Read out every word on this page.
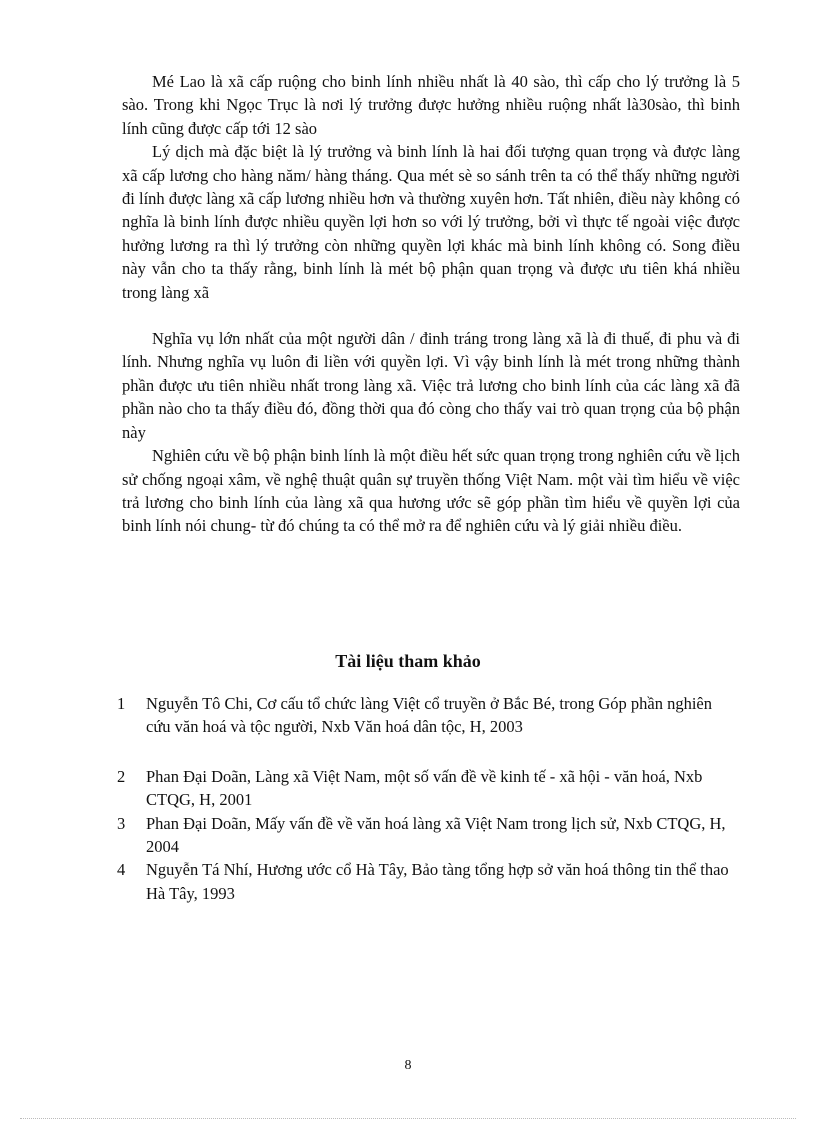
Mé Lao là xã cấp ruộng cho binh lính nhiều nhất là 40 sào, thì cấp cho lý trưởng là 5 sào. Trong khi Ngọc Trục là nơi lý trưởng được hưởng nhiều ruộng nhất là30sào, thì binh lính cũng được cấp tới 12 sào

Lý dịch mà đặc biệt là lý trưởng và binh lính là hai đối tượng quan trọng và được làng xã cấp lương cho hàng năm/ hàng tháng. Qua mét sè so sánh trên ta có thể thấy những người đi lính được làng xã cấp lương nhiều hơn và thường xuyên hơn. Tất nhiên, điều này không có nghĩa là binh lính được nhiều quyền lợi hơn so với lý trưởng, bởi vì thực tế ngoài việc được hưởng lương ra thì lý trưởng còn những quyền lợi khác mà binh lính không có. Song điều này vẫn cho ta thấy rằng, binh lính là mét bộ phận quan trọng và được ưu tiên khá nhiều trong làng xã

Nghĩa vụ lớn nhất của một người dân / đinh tráng trong làng xã là đi thuế, đi phu và đi lính. Nhưng nghĩa vụ luôn đi liền với quyền lợi. Vì vậy binh lính là mét trong những thành phần được ưu tiên nhiều nhất trong làng xã. Việc trả lương cho binh lính của các làng xã đã phần nào cho ta thấy điều đó, đồng thời qua đó còng cho thấy vai trò quan trọng của bộ phận này

Nghiên cứu về bộ phận binh lính là một điều hết sức quan trọng trong nghiên cứu về lịch sử chống ngoại xâm, về nghệ thuật quân sự truyền thống Việt Nam. một vài tìm hiểu về việc trả lương cho binh lính của làng xã qua hương ước sẽ góp phần tìm hiểu về quyền lợi của binh lính nói chung- từ đó chúng ta có thể mở ra để nghiên cứu và lý giải nhiều điều.

Tài liệu tham khảo
1 Nguyễn Tô Chi, Cơ cấu tổ chức làng Việt cổ truyền ở Bắc Bé, trong Góp phần nghiên cứu văn hoá và tộc người, Nxb Văn hoá dân tộc, H, 2003
2 Phan Đại Doãn, Làng xã Việt Nam, một số vấn đề về kinh tế - xã hội - văn hoá, Nxb CTQG, H, 2001
3 Phan Đại Doãn, Mấy vấn đề về văn hoá làng xã Việt Nam trong lịch sử, Nxb CTQG, H, 2004
4 Nguyễn Tá Nhí, Hương ước cổ Hà Tây, Bảo tàng tổng hợp sở văn hoá thông tin thể thao Hà Tây, 1993
8
